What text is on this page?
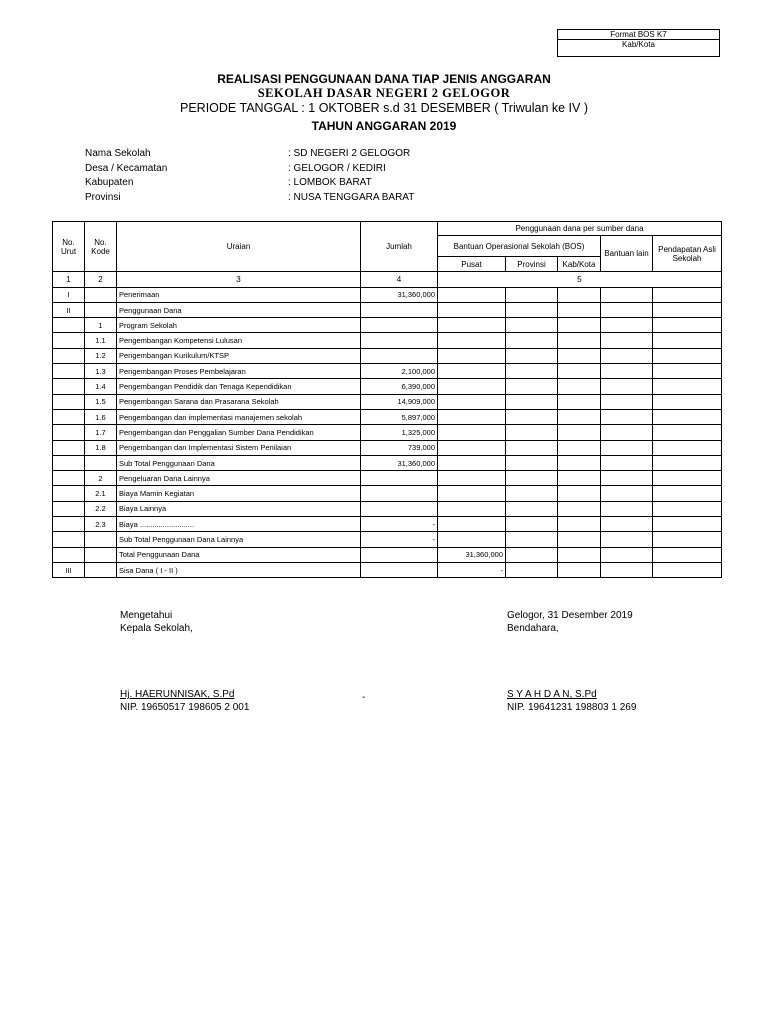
Format BOS K7
Kab/Kota
REALISASI PENGGUNAAN DANA TIAP JENIS ANGGARAN
SEKOLAH DASAR NEGERI 2 GELOGOR
PERIODE TANGGAL : 1 OKTOBER s.d 31 DESEMBER ( Triwulan ke IV )
TAHUN ANGGARAN 2019
Nama Sekolah	: SD NEGERI 2 GELOGOR
Desa / Kecamatan	: GELOGOR / KEDIRI
Kabupaten	: LOMBOK BARAT
Provinsi	: NUSA TENGGARA BARAT
No. Urut	No. Kode	Uraian	Jumlah	Penggunaan dana per sumber dana				
				Bantuan Operasional Sekolah (BOS)			Bantuan lain	Pendapatan Asli Sekolah
				Pusat	Provinsi	Kab/Kota		
1	2	3	4	5				
I		Penerimaan	31,360,000					
II		Penggunaan Dana						
	1	Program Sekolah						
	1.1	Pengembangan Kompetensi Lulusan						
	1.2	Pengembangan Kurikulum/KTSP						
	1.3	Pengembangan Proses Pembelajaran	2,100,000					
	1.4	Pengembangan Pendidik dan Tenaga Kependidikan	6,390,000					
	1.5	Pengembangan Sarana dan Prasarana Sekolah	14,909,000					
	1.6	Pengembangan dan implementasi manajemen sekolah	5,897,000					
	1.7	Pengembangan dan Penggalian Sumber Dana Pendidikan	1,325,000					
	1.8	Pengembangan dan Implementasi Sistem Penilaian	739,000					
		Sub Total Penggunaan Dana	31,360,000					
	2	Pengeluaran Dana Lainnya						
	2.1	Biaya Mamin Kegiatan						
	2.2	Biaya Lainnya						
	2.3	Biaya ..........................	-					
		Sub Total Penggunaan Dana Lainnya	-					
		Total Penggunaan Dana		31,360,000				
III		Sisa Dana ( I - II )		-				
Mengetahui
Kepala Sekolah,
Hj. HAERUNNISAK, S.Pd
NIP. 19650517 198605 2 001
-
Gelogor, 31 Desember 2019
Bendahara,
S Y A H D A N, S.Pd
NIP. 19641231 198803 1 269
